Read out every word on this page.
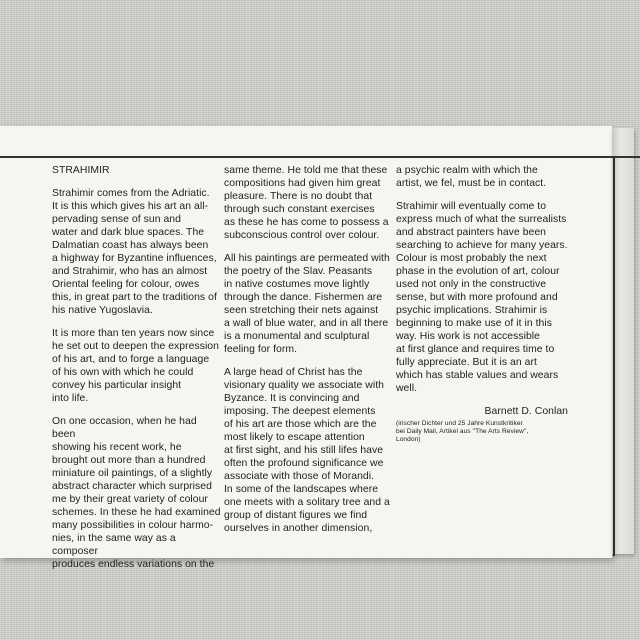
STRAHIMIR

Strahimir comes from the Adriatic.
It is this which gives his art an all-
pervading sense of sun and
water and dark blue spaces. The
Dalmatian coast has always been
a highway for Byzantine influences,
and Strahimir, who has an almost
Oriental feeling for colour, owes
this, in great part to the traditions of
his native Yugoslavia.

It is more than ten years now since
he set out to deepen the expression
of his art, and to forge a language
of his own with which he could
convey his particular insight
into life.

On one occasion, when he had been
showing his recent work, he
brought out more than a hundred
miniature oil paintings, of a slightly
abstract character which surprised
me by their great variety of colour
schemes. In these he had examined
many possibilities in colour harmo-
nies, in the same way as a composer
produces endless variations on the

same theme. He told me that these
compositions had given him great
pleasure. There is no doubt that
through such constant exercises
as these he has come to possess a
subconscious control over colour.

All his paintings are permeated with
the poetry of the Slav. Peasants
in native costumes move lightly
through the dance. Fishermen are
seen stretching their nets against
a wall of blue water, and in all there
is a monumental and sculptural
feeling for form.

A large head of Christ has the
visionary quality we associate with
Byzance. It is convincing and
imposing. The deepest elements
of his art are those which are the
most likely to escape attention
at first sight, and his still lifes have
often the profound significance we
associate with those of Morandi.
In some of the landscapes where
one meets with a solitary tree and a
group of distant figures we find
ourselves in another dimension,

a psychic realm with which the
artist, we fel, must be in contact.

Strahimir will eventually come to
express much of what the surrealists
and abstract painters have been
searching to achieve for many years.
Colour is most probably the next
phase in the evolution of art, colour
used not only in the constructive
sense, but with more profound and
psychic implications. Strahimir is
beginning to make use of it in this
way. His work is not accessible
at first glance and requires time to
fully appreciate. But it is an art
which has stable values and wears
well.

Barnett D. Conlan

(irischer Dichter und 25 Jahre Kunstkritiker
bei Daily Mail, Artikel aus ''The Arts Review'',
London)
